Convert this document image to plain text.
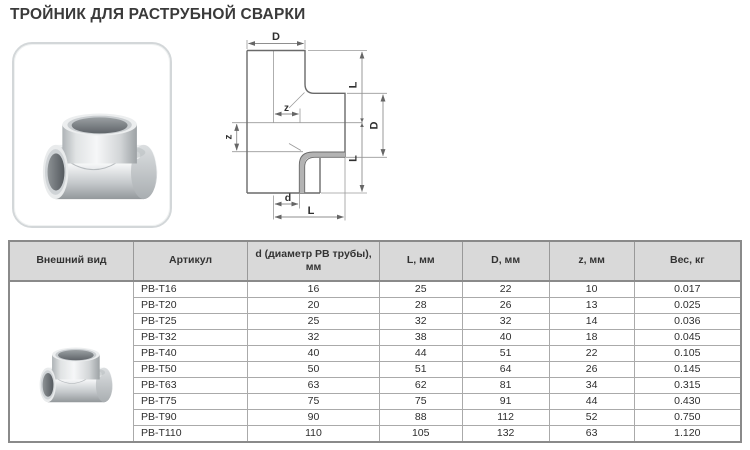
ТРОЙНИК ДЛЯ РАСТРУБНОЙ СВАРКИ
D
z
z
L
L
D
d
L
Внешний вид	Артикул	d (диаметр РВ трубы), мм	L, мм	D, мм	z, мм	Вес, кг
	РВ-Т16	16	25	22	10	0.017
	РВ-Т20	20	28	26	13	0.025
	РВ-Т25	25	32	32	14	0.036
	РВ-Т32	32	38	40	18	0.045
	РВ-Т40	40	44	51	22	0.105
	РВ-Т50	50	51	64	26	0.145
	РВ-Т63	63	62	81	34	0.315
	РВ-Т75	75	75	91	44	0.430
	РВ-Т90	90	88	112	52	0.750
	РВ-Т110	110	105	132	63	1.120
